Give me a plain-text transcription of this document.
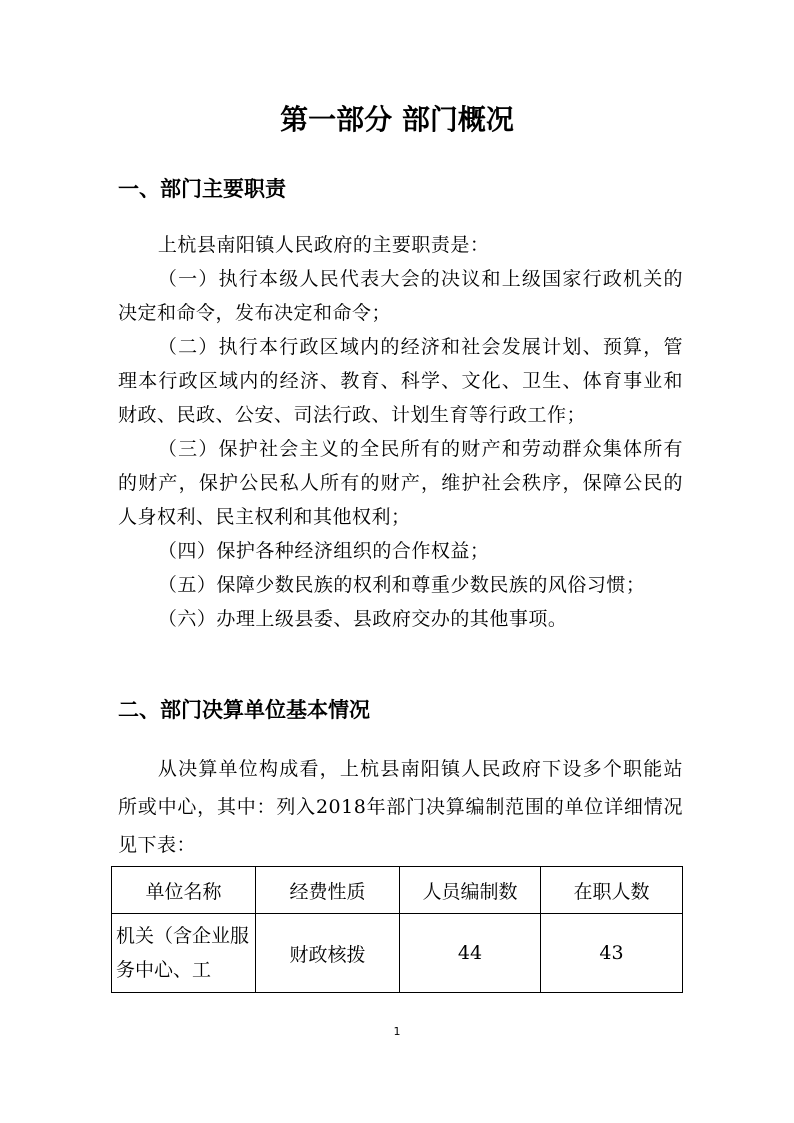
第一部分 部门概况
一、部门主要职责
上杭县南阳镇人民政府的主要职责是：
（一）执行本级人民代表大会的决议和上级国家行政机关的决定和命令，发布决定和命令；
（二）执行本行政区域内的经济和社会发展计划、预算，管理本行政区域内的经济、教育、科学、文化、卫生、体育事业和财政、民政、公安、司法行政、计划生育等行政工作；
（三）保护社会主义的全民所有的财产和劳动群众集体所有的财产，保护公民私人所有的财产，维护社会秩序，保障公民的人身权利、民主权利和其他权利；
（四）保护各种经济组织的合作权益；
（五）保障少数民族的权利和尊重少数民族的风俗习惯；
（六）办理上级县委、县政府交办的其他事项。
二、部门决算单位基本情况
从决算单位构成看，上杭县南阳镇人民政府下设多个职能站所或中心，其中：列入2018年部门决算编制范围的单位详细情况见下表：
单位名称	经费性质	人员编制数	在职人数
机关（含企业服务中心、工	财政核拨	44	43
1
